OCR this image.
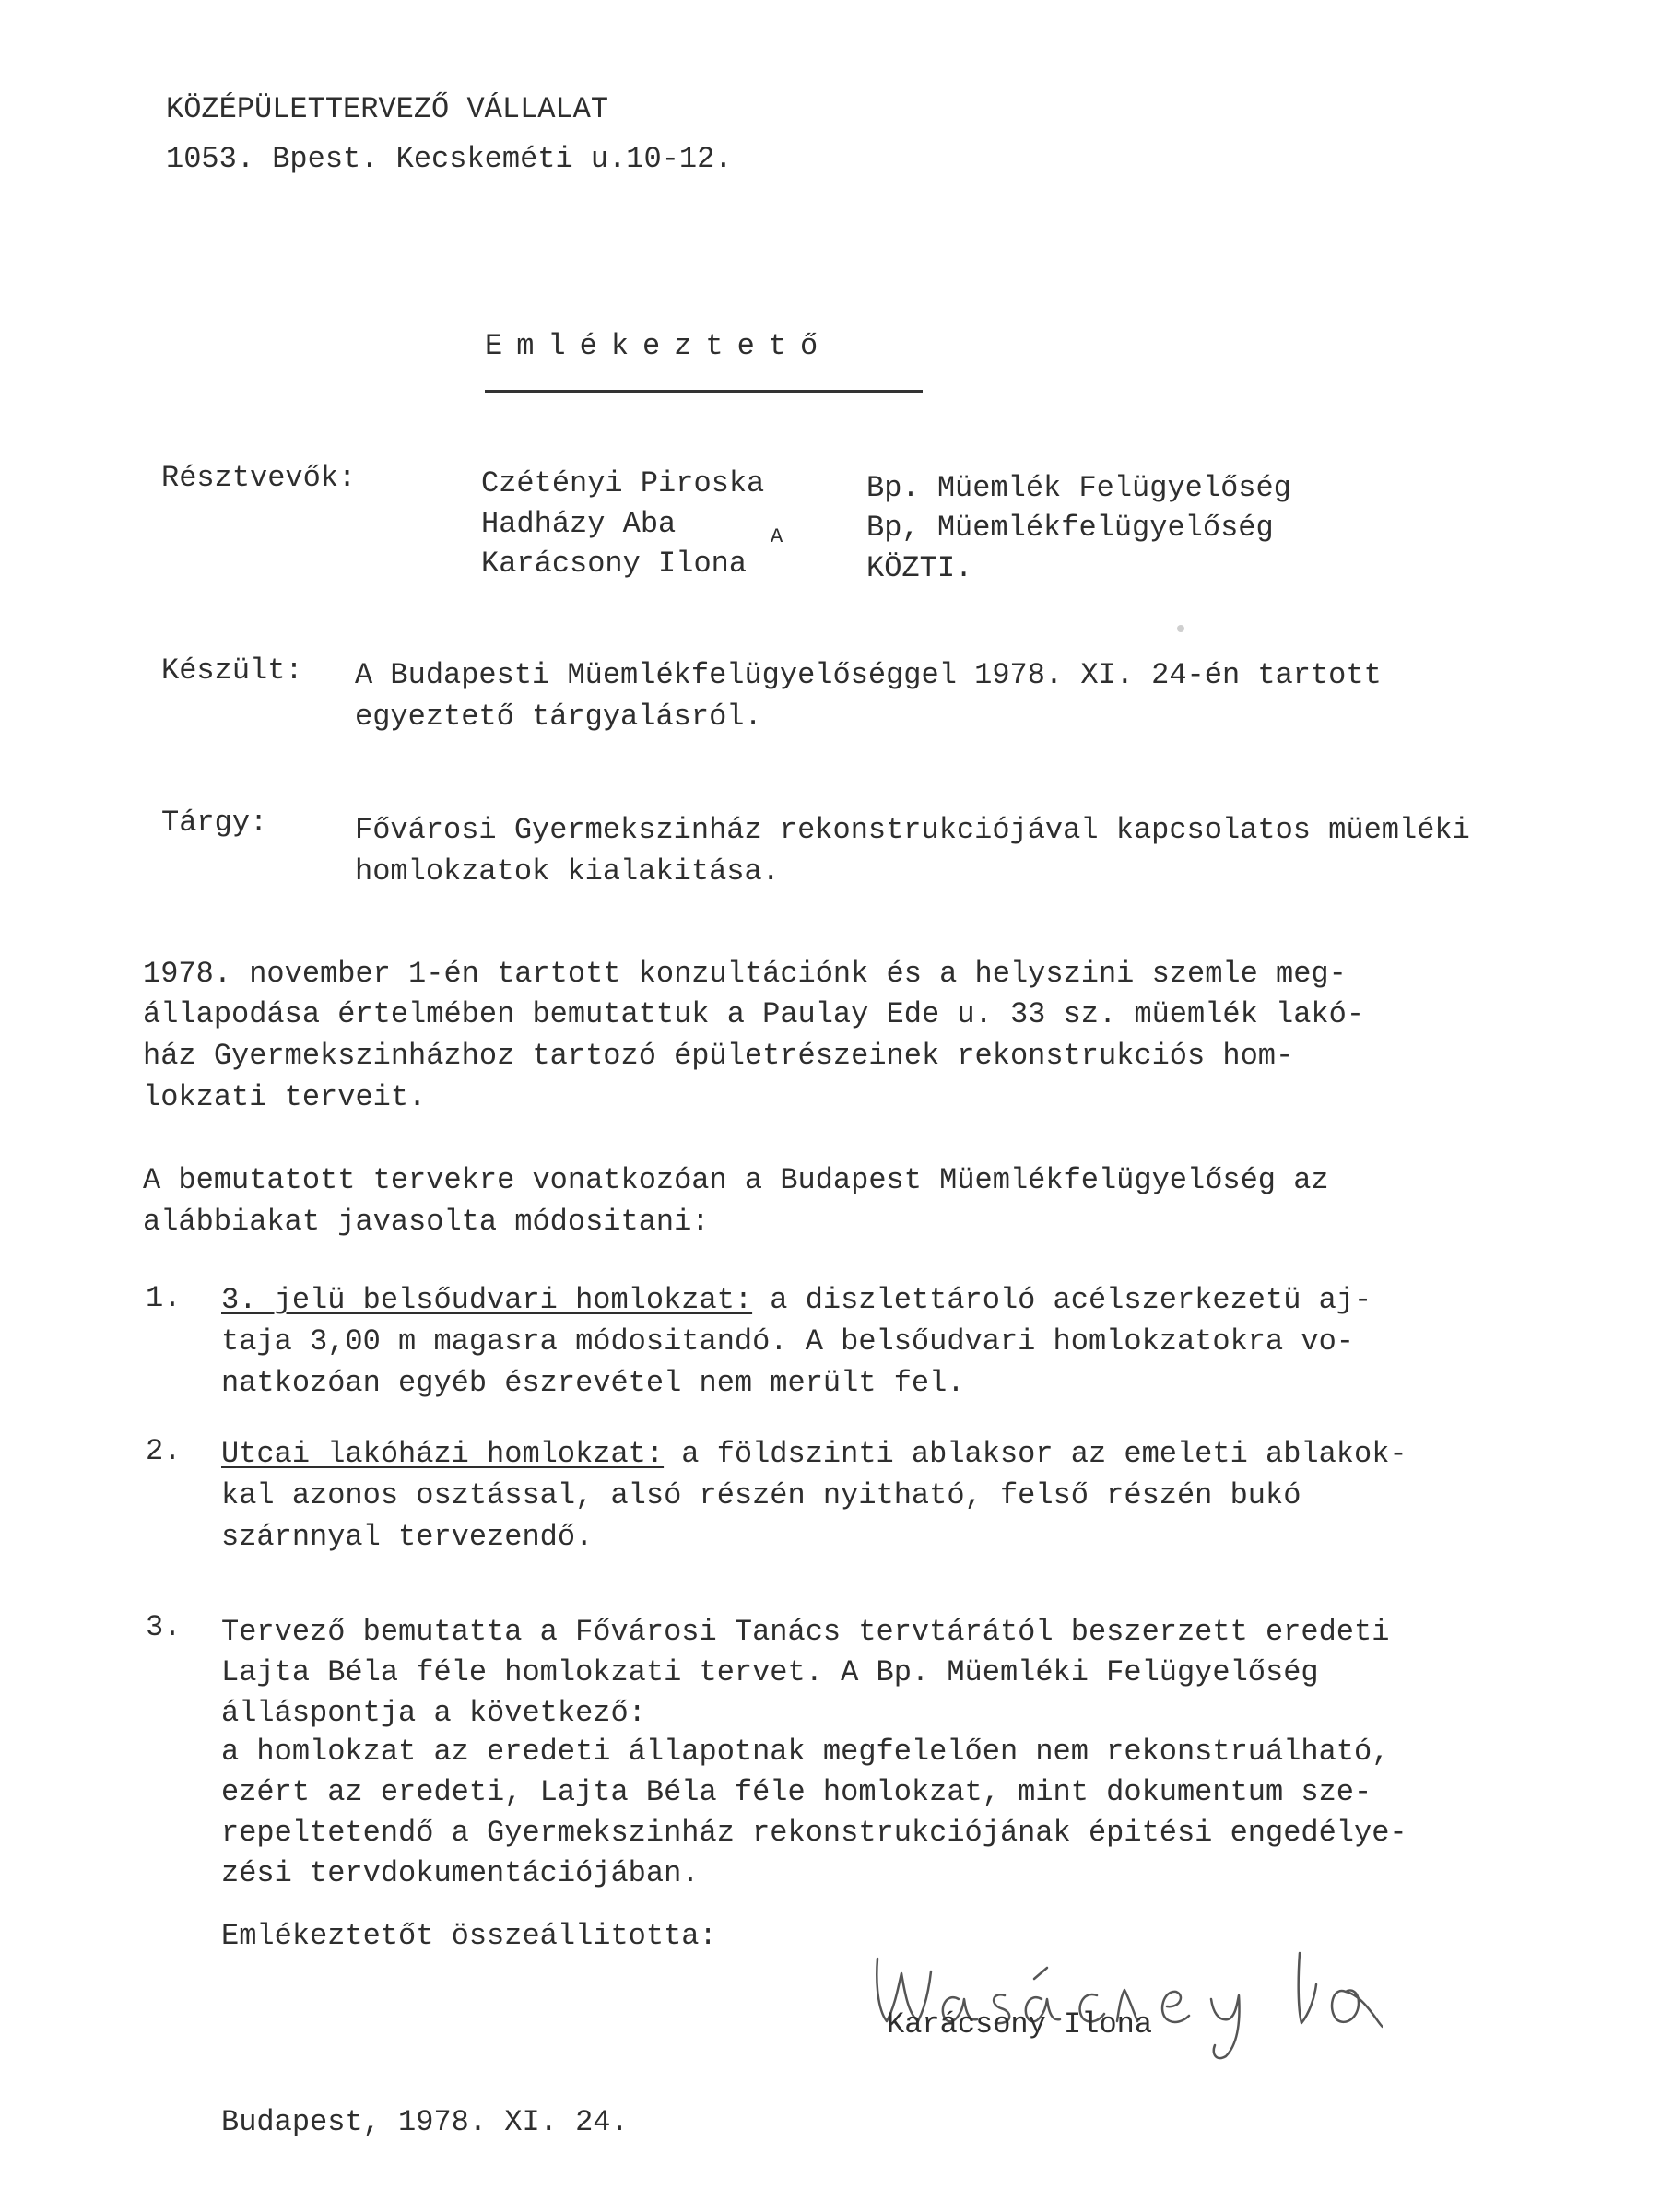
KÖZÉPÜLETTERVEZŐ VÁLLALAT
1053. Bpest. Kecskeméti u.10-12.
Emlékeztető
Résztvevők:	Czétényi Piroska	Bp. Müemlék Felügyelőség
Hadházy Aba	Bp, Müemlékfelügyelőség
A
Karácsony Ilona	KÖZTI.
Készült: A Budapesti Müemlékfelügyelőséggel 1978. XI. 24-én tartott
egyeztető tárgyalásról.
Tárgy:	Fővárosi Gyermekszinház rekonstrukciójával kapcsolatos müemléki
homlokzatok kialakitása.
1978. november 1-én tartott konzultációnk és a helyszini szemle meg-
állapodása értelmében bemutattuk a Paulay Ede u. 33 sz. müemlék lakó-
ház Gyermekszinházhoz tartozó épületrészeinek rekonstrukciós hom-
lokzati terveit.
A bemutatott tervekre vonatkozóan a Budapest Müemlékfelügyelőség az
alábbiakat javasolta módositani:
1. 3. jelü belsőudvari homlokzat: a diszlettároló acélszerkezetü aj-
taja 3,00 m magasra módositandó. A belsőudvari homlokzatokra vo-
natkozóan egyéb észrevétel nem merült fel.
2. Utcai lakóházi homlokzat: a földszinti ablaksor az emeleti ablakok-
kal azonos osztással, alsó részén nyitható, felső részén bukó
szárnnyal tervezendő.
3. Tervező bemutatta a Fővárosi Tanács tervtárától beszerzett eredeti
Lajta Béla féle homlokzati tervet. A Bp. Müemléki Felügyelőség
álláspontja a következő:
a homlokzat az eredeti állapotnak megfelelően nem rekonstruálható,
ezért az eredeti, Lajta Béla féle homlokzat, mint dokumentum sze-
repeltetendő a Gyermekszinház rekonstrukciójának épitési engedélye-
zési tervdokumentációjában.
Emlékeztetőt összeállitotta:
Karácsony Ilona
Budapest, 1978. XI. 24.
